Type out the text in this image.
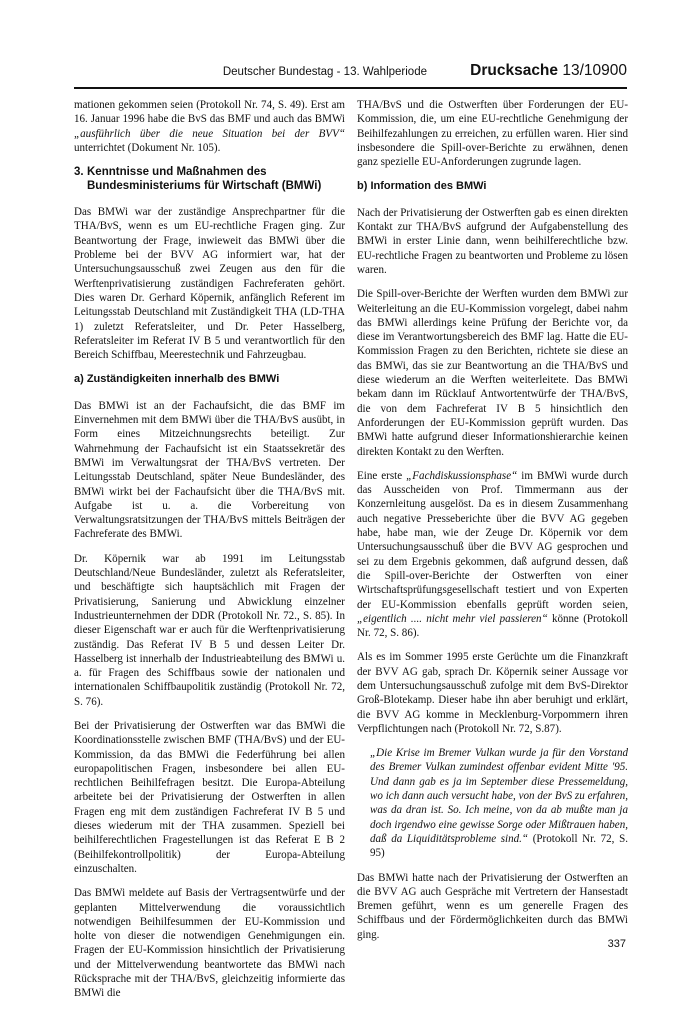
Deutscher Bundestag - 13. Wahlperiode	Drucksache 13/10900

mationen gekommen seien (Protokoll Nr. 74, S. 49). Erst am 16. Januar 1996 habe die BvS das BMF und auch das BMWi „ausführlich über die neue Situation bei der BVV“ unterrichtet (Dokument Nr. 105).

3. Kenntnisse und Maßnahmen des
Bundesministeriums für Wirtschaft (BMWi)

Das BMWi war der zuständige Ansprechpartner für die THA/BvS, wenn es um EU-rechtliche Fragen ging. Zur Beantwortung der Frage, inwieweit das BMWi über die Probleme bei der BVV AG informiert war, hat der Untersuchungsausschuß zwei Zeugen aus den für die Werftenprivatisierung zuständigen Fachreferaten gehört. Dies waren Dr. Gerhard Köpernik, anfänglich Referent im Leitungsstab Deutschland mit Zuständigkeit THA (LD-THA 1) zuletzt Referatsleiter, und Dr. Peter Hasselberg, Referatsleiter im Referat IV B 5 und verantwortlich für den Bereich Schiffbau, Meerestechnik und Fahrzeugbau.

a) Zuständigkeiten innerhalb des BMWi

Das BMWi ist an der Fachaufsicht, die das BMF im Einvernehmen mit dem BMWi über die THA/BvS ausübt, in Form eines Mitzeichnungsrechts beteiligt. Zur Wahrnehmung der Fachaufsicht ist ein Staatssekretär des BMWi im Verwaltungsrat der THA/BvS vertreten. Der Leitungsstab Deutschland, später Neue Bundesländer, des BMWi wirkt bei der Fachaufsicht über die THA/BvS mit. Aufgabe ist u. a. die Vorbereitung von Verwaltungsratsitzungen der THA/BvS mittels Beiträgen der Fachreferate des BMWi.

Dr. Köpernik war ab 1991 im Leitungsstab Deutschland/Neue Bundesländer, zuletzt als Referatsleiter, und beschäftigte sich hauptsächlich mit Fragen der Privatisierung, Sanierung und Abwicklung einzelner Industrieunternehmen der DDR (Protokoll Nr. 72., S. 85). In dieser Eigenschaft war er auch für die Werftenprivatisierung zuständig. Das Referat IV B 5 und dessen Leiter Dr. Hasselberg ist innerhalb der Industrieabteilung des BMWi u. a. für Fragen des Schiffbaus sowie der nationalen und internationalen Schiffbaupolitik zuständig (Protokoll Nr. 72, S. 76).

Bei der Privatisierung der Ostwerften war das BMWi die Koordinationsstelle zwischen BMF (THA/BvS) und der EU-Kommission, da das BMWi die Federführung bei allen europapolitischen Fragen, insbesondere bei allen EU-rechtlichen Beihilfefragen besitzt. Die Europa-Abteilung arbeitete bei der Privatisierung der Ostwerften in allen Fragen eng mit dem zuständigen Fachreferat IV B 5 und dieses wiederum mit der THA zusammen. Speziell bei beihilferechtlichen Fragestellungen ist das Referat E B 2 (Beihilfekontrollpolitik) der Europa-Abteilung einzuschalten.

Das BMWi meldete auf Basis der Vertragsentwürfe und der geplanten Mittelverwendung die voraussichtlich notwendigen Beihilfesummen der EU-Kommission und holte von dieser die notwendigen Genehmigungen ein. Fragen der EU-Kommission hinsichtlich der Privatisierung und der Mittelverwendung beantwortete das BMWi nach Rücksprache mit der THA/BvS, gleichzeitig informierte das BMWi die

THA/BvS und die Ostwerften über Forderungen der EU-Kommission, die, um eine EU-rechtliche Genehmigung der Beihilfezahlungen zu erreichen, zu erfüllen waren. Hier sind insbesondere die Spill-over-Berichte zu erwähnen, denen ganz spezielle EU-Anforderungen zugrunde lagen.

b) Information des BMWi

Nach der Privatisierung der Ostwerften gab es einen direkten Kontakt zur THA/BvS aufgrund der Aufgabenstellung des BMWi in erster Linie dann, wenn beihilferechtliche bzw. EU-rechtliche Fragen zu beantworten und Probleme zu lösen waren.

Die Spill-over-Berichte der Werften wurden dem BMWi zur Weiterleitung an die EU-Kommission vorgelegt, dabei nahm das BMWi allerdings keine Prüfung der Berichte vor, da diese im Verantwortungsbereich des BMF lag. Hatte die EU-Kommission Fragen zu den Berichten, richtete sie diese an das BMWi, das sie zur Beantwortung an die THA/BvS und diese wiederum an die Werften weiterleitete. Das BMWi bekam dann im Rücklauf Antwortentwürfe der THA/BvS, die von dem Fachreferat IV B 5 hinsichtlich den Anforderungen der EU-Kommission geprüft wurden. Das BMWi hatte aufgrund dieser Informationshierarchie keinen direkten Kontakt zu den Werften.

Eine erste „Fachdiskussionsphase“ im BMWi wurde durch das Ausscheiden von Prof. Timmermann aus der Konzernleitung ausgelöst. Da es in diesem Zusammenhang auch negative Presseberichte über die BVV AG gegeben habe, habe man, wie der Zeuge Dr. Köpernik vor dem Untersuchungsausschuß über die BVV AG gesprochen und sei zu dem Ergebnis gekommen, daß aufgrund dessen, daß die Spill-over-Berichte der Ostwerften von einer Wirtschaftsprüfungsgesellschaft testiert und von Experten der EU-Kommission ebenfalls geprüft worden seien, „eigentlich .... nicht mehr viel passieren“ könne (Protokoll Nr. 72, S. 86).

Als es im Sommer 1995 erste Gerüchte um die Finanzkraft der BVV AG gab, sprach Dr. Köpernik seiner Aussage vor dem Untersuchungsausschuß zufolge mit dem BvS-Direktor Groß-Blotekamp. Dieser habe ihn aber beruhigt und erklärt, die BVV AG komme in Mecklenburg-Vorpommern ihren Verpflichtungen nach (Protokoll Nr. 72, S.87).

„Die Krise im Bremer Vulkan wurde ja für den Vorstand des Bremer Vulkan zumindest offenbar evident Mitte '95. Und dann gab es ja im September diese Pressemeldung, wo ich dann auch versucht habe, von der BvS zu erfahren, was da dran ist. So. Ich meine, von da ab mußte man ja doch irgendwo eine gewisse Sorge oder Mißtrauen haben, daß da Liquiditätsprobleme sind.“ (Protokoll Nr. 72, S. 95)

Das BMWi hatte nach der Privatisierung der Ostwerften an die BVV AG auch Gespräche mit Vertretern der Hansestadt Bremen geführt, wenn es um generelle Fragen des Schiffbaus und der Fördermöglichkeiten durch das BMWi ging.

337
